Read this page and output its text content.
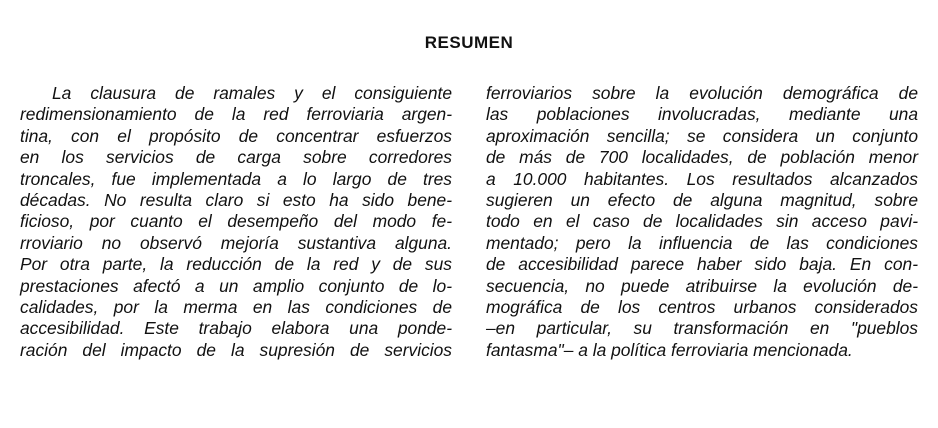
RESUMEN
La clausura de ramales y el consiguiente
redimensionamiento de la red ferroviaria argen-
tina, con el propósito de concentrar esfuerzos
en los servicios de carga sobre corredores
troncales, fue implementada a lo largo de tres
décadas. No resulta claro si esto ha sido bene-
ficioso, por cuanto el desempeño del modo fe-
rroviario no observó mejoría sustantiva alguna.
Por otra parte, la reducción de la red y de sus
prestaciones afectó a un amplio conjunto de lo-
calidades, por la merma en las condiciones de
accesibilidad. Este trabajo elabora una ponde-
ración del impacto de la supresión de servicios
ferroviarios sobre la evolución demográfica de
las poblaciones involucradas, mediante una
aproximación sencilla; se considera un conjunto
de más de 700 localidades, de población menor
a 10.000 habitantes. Los resultados alcanzados
sugieren un efecto de alguna magnitud, sobre
todo en el caso de localidades sin acceso pavi-
mentado; pero la influencia de las condiciones
de accesibilidad parece haber sido baja. En con-
secuencia, no puede atribuirse la evolución de-
mográfica de los centros urbanos considerados
–en particular, su transformación en "pueblos
fantasma"– a la política ferroviaria mencionada.
